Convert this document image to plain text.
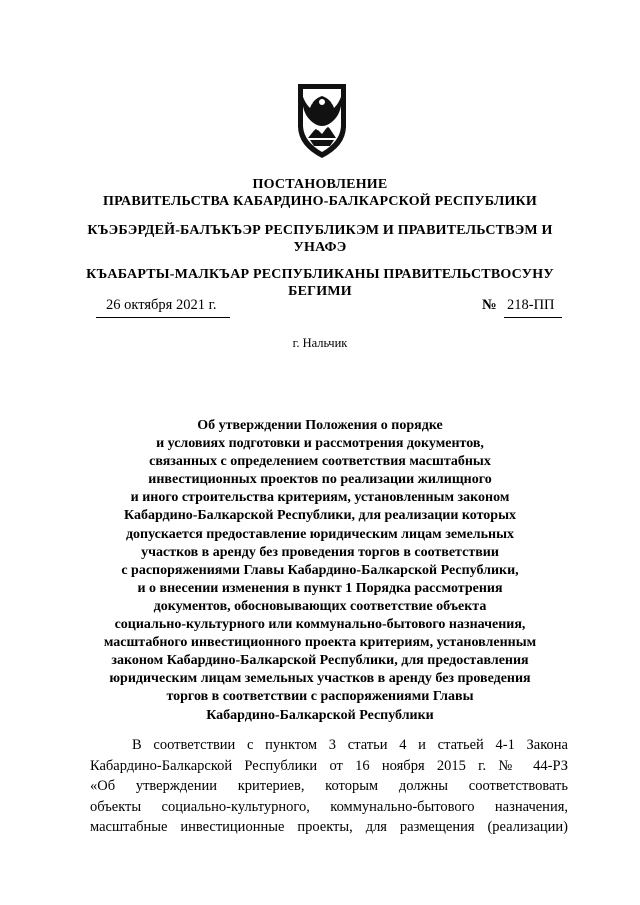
ПОСТАНОВЛЕНИЕ
ПРАВИТЕЛЬСТВА КАБАРДИНО-БАЛКАРСКОЙ РЕСПУБЛИКИ
КЪЭБЭРДЕЙ-БАЛЪКЪЭР РЕСПУБЛИКЭМ И ПРАВИТЕЛЬСТВЭМ И
УНАФЭ
КЪАБАРТЫ-МАЛКЪАР РЕСПУБЛИКАНЫ ПРАВИТЕЛЬСТВОСУНУ
БЕГИМИ
26 октября 2021 г.	№ 218-ПП
г. Нальчик
Об утверждении Положения о порядке
и условиях подготовки и рассмотрения документов,
связанных с определением соответствия масштабных
инвестиционных проектов по реализации жилищного
и иного строительства критериям, установленным законом
Кабардино-Балкарской Республики, для реализации которых
допускается предоставление юридическим лицам земельных
участков в аренду без проведения торгов в соответствии
с распоряжениями Главы Кабардино-Балкарской Республики,
и о внесении изменения в пункт 1 Порядка рассмотрения
документов, обосновывающих соответствие объекта
социально-культурного или коммунально-бытового назначения,
масштабного инвестиционного проекта критериям, установленным
законом Кабардино-Балкарской Республики, для предоставления
юридическим лицам земельных участков в аренду без проведения
торгов в соответствии с распоряжениями Главы
Кабардино-Балкарской Республики
В соответствии с пунктом 3 статьи 4 и статьей 4-1 Закона
Кабардино-Балкарской Республики от 16 ноября 2015 г. № 44-РЗ
«Об утверждении критериев, которым должны соответствовать
объекты социально-культурного, коммунально-бытового назначения,
масштабные инвестиционные проекты, для размещения (реализации)
